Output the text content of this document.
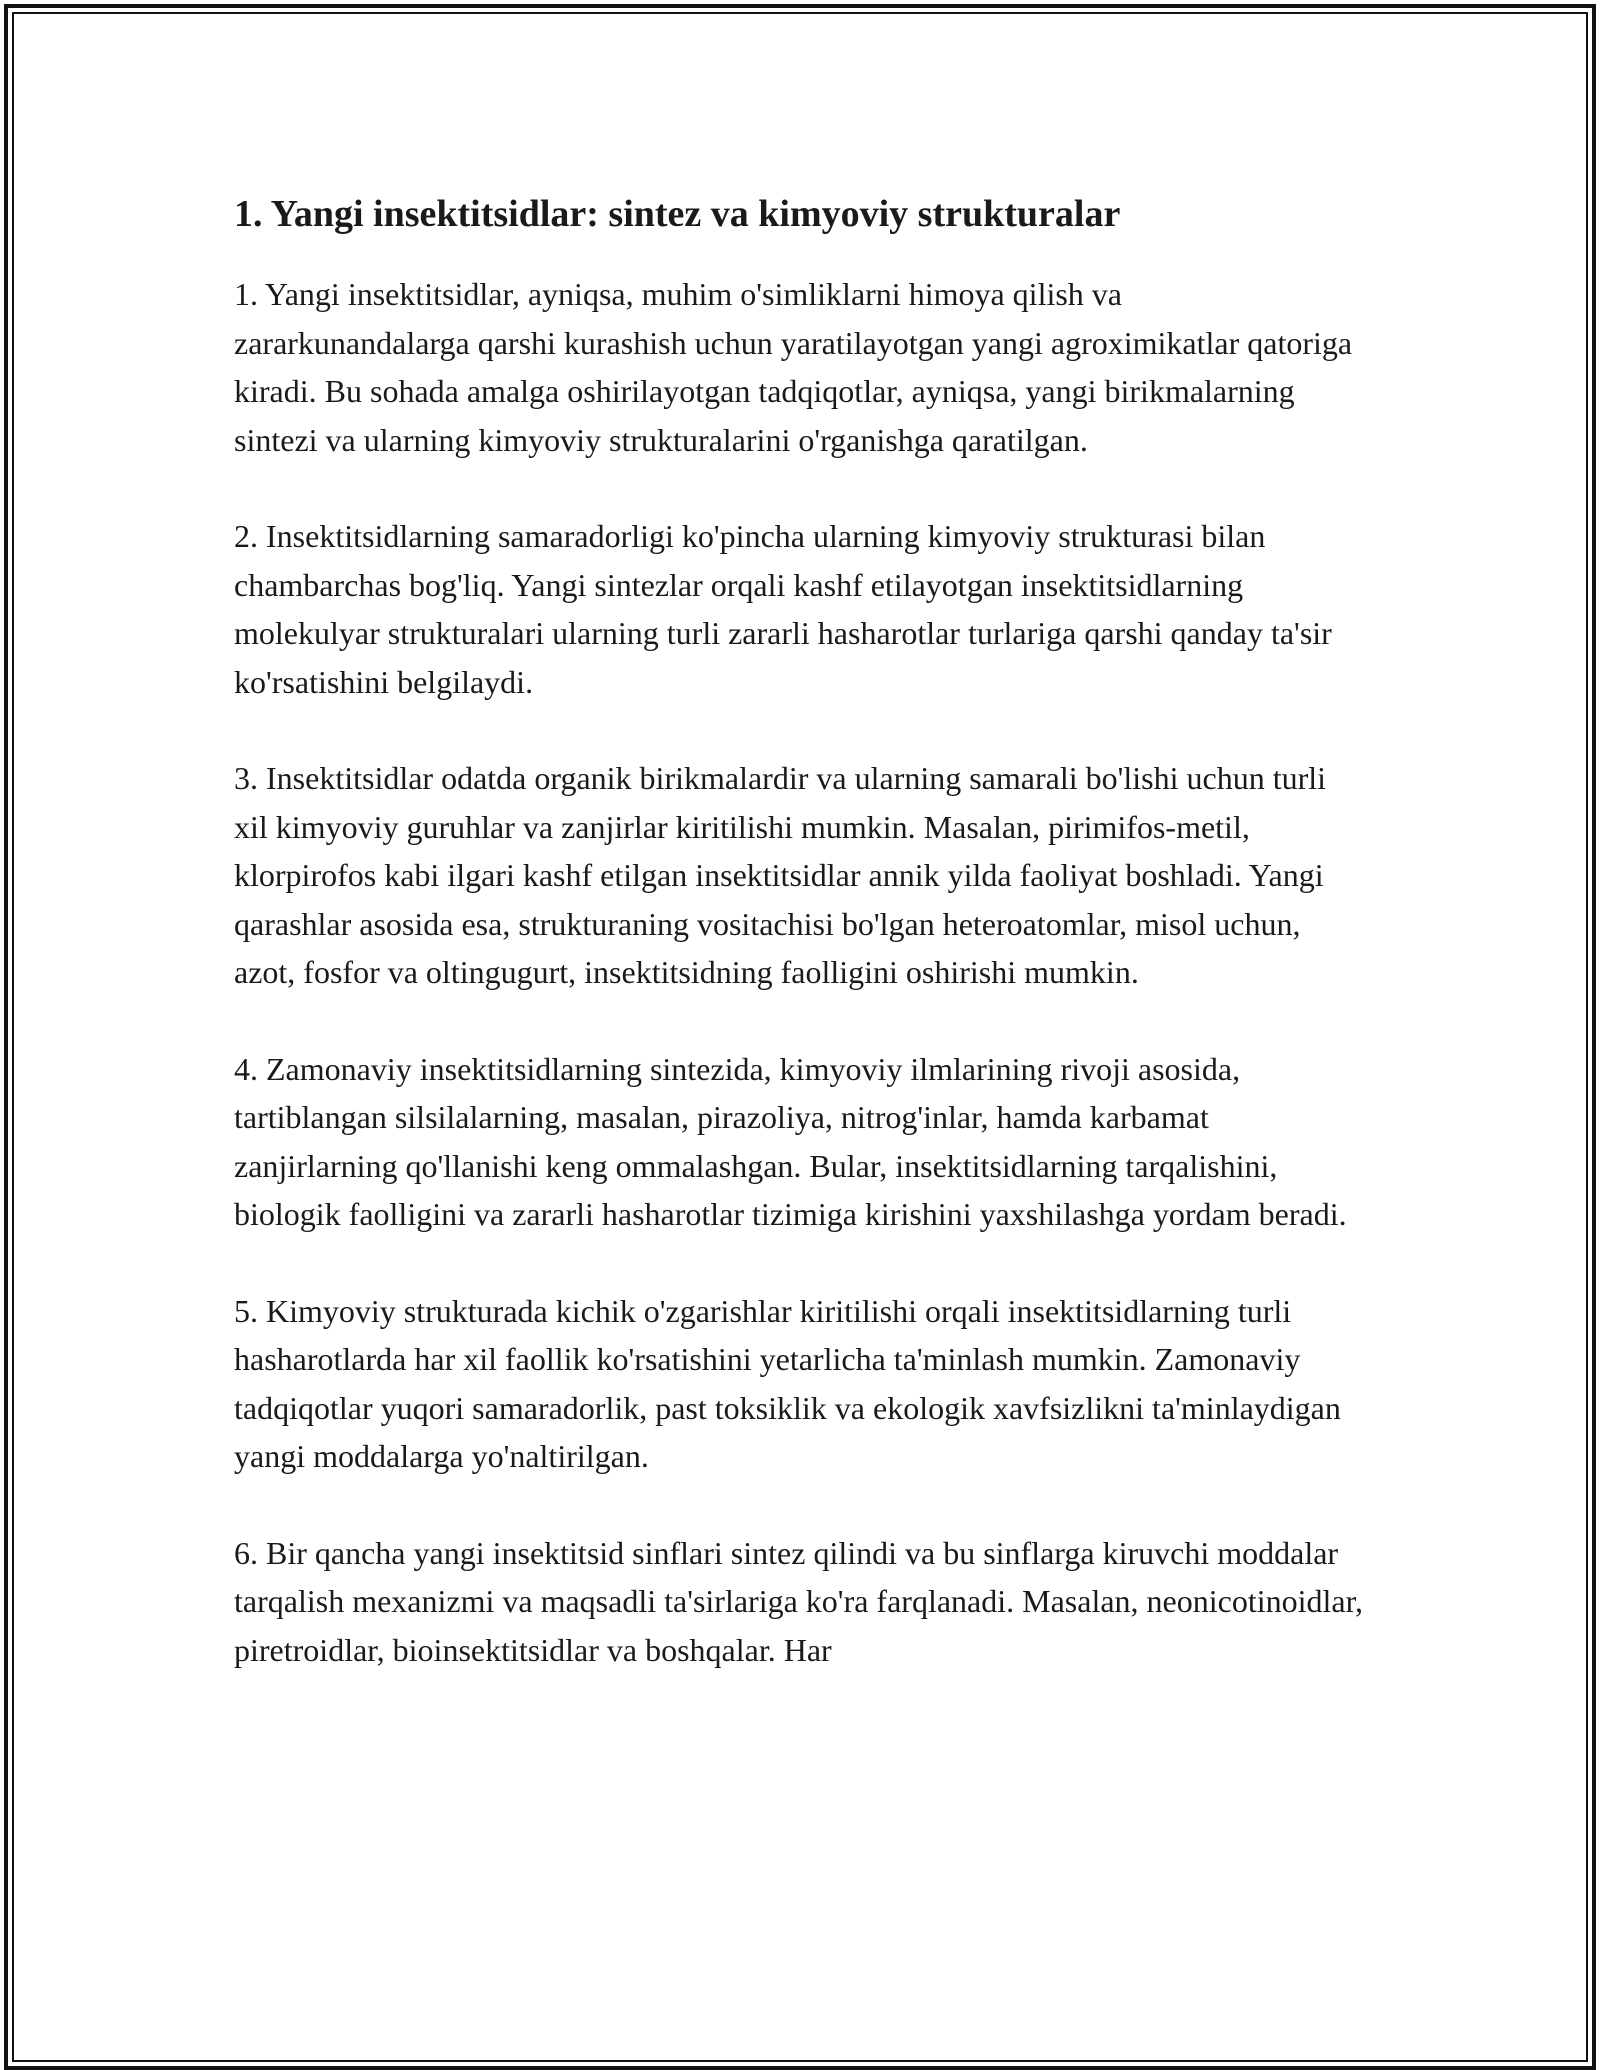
1. Yangi insektitsidlar: sintez va kimyoviy strukturalar

1. Yangi insektitsidlar, ayniqsa, muhim o'simliklarni himoya qilish va zararkunandalarga qarshi kurashish uchun yaratilayotgan yangi agroximikatlar qatoriga kiradi. Bu sohada amalga oshirilayotgan tadqiqotlar, ayniqsa, yangi birikmalarning sintezi va ularning kimyoviy strukturalarini o'rganishga qaratilgan.

2. Insektitsidlarning samaradorligi ko'pincha ularning kimyoviy strukturasi bilan chambarchas bog'liq. Yangi sintezlar orqali kashf etilayotgan insektitsidlarning molekulyar strukturalari ularning turli zararli hasharotlar turlariga qarshi qanday ta'sir ko'rsatishini belgilaydi.

3. Insektitsidlar odatda organik birikmalardir va ularning samarali bo'lishi uchun turli xil kimyoviy guruhlar va zanjirlar kiritilishi mumkin. Masalan, pirimifos-metil, klorpirofos kabi ilgari kashf etilgan insektitsidlar annik yilda faoliyat boshladi. Yangi qarashlar asosida esa, strukturaning vositachisi bo'lgan heteroatomlar, misol uchun, azot, fosfor va oltingugurt, insektitsidning faolligini oshirishi mumkin.

4. Zamonaviy insektitsidlarning sintezida, kimyoviy ilmlarining rivoji asosida, tartiblangan silsilalarning, masalan, pirazoliya, nitrog'inlar, hamda karbamat zanjirlarning qo'llanishi keng ommalashgan. Bular, insektitsidlarning tarqalishini, biologik faolligini va zararli hasharotlar tizimiga kirishini yaxshilashga yordam beradi.

5. Kimyoviy strukturada kichik o'zgarishlar kiritilishi orqali insektitsidlarning turli hasharotlarda har xil faollik ko'rsatishini yetarlicha ta'minlash mumkin. Zamonaviy tadqiqotlar yuqori samaradorlik, past toksiklik va ekologik xavfsizlikni ta'minlaydigan yangi moddalarga yo'naltirilgan.

6. Bir qancha yangi insektitsid sinflari sintez qilindi va bu sinflarga kiruvchi moddalar tarqalish mexanizmi va maqsadli ta'sirlariga ko'ra farqlanadi. Masalan, neonicotinoidlar, piretroidlar, bioinsektitsidlar va boshqalar. Har
